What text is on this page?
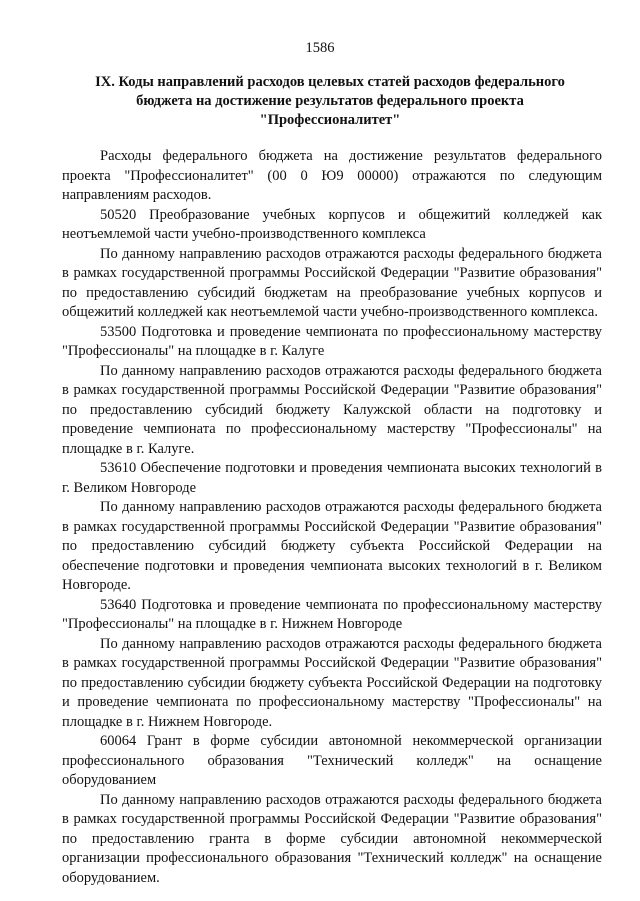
1586
IX. Коды направлений расходов целевых статей расходов федерального
бюджета на достижение результатов федерального проекта
"Профессионалитет"

Расходы федерального бюджета на достижение результатов федерального проекта "Профессионалитет" (00 0 Ю9 00000) отражаются по следующим направлениям расходов.

50520 Преобразование учебных корпусов и общежитий колледжей как неотъемлемой части учебно-производственного комплекса

По данному направлению расходов отражаются расходы федерального бюджета в рамках государственной программы Российской Федерации "Развитие образования" по предоставлению субсидий бюджетам на преобразование учебных корпусов и общежитий колледжей как неотъемлемой части учебно-производственного комплекса.

53500 Подготовка и проведение чемпионата по профессиональному мастерству "Профессионалы" на площадке в г. Калуге

По данному направлению расходов отражаются расходы федерального бюджета в рамках государственной программы Российской Федерации "Развитие образования" по предоставлению субсидий бюджету Калужской области на подготовку и проведение чемпионата по профессиональному мастерству "Профессионалы" на площадке в г. Калуге.

53610 Обеспечение подготовки и проведения чемпионата высоких технологий в г. Великом Новгороде

По данному направлению расходов отражаются расходы федерального бюджета в рамках государственной программы Российской Федерации "Развитие образования" по предоставлению субсидий бюджету субъекта Российской Федерации на обеспечение подготовки и проведения чемпионата высоких технологий в г. Великом Новгороде.

53640 Подготовка и проведение чемпионата по профессиональному мастерству "Профессионалы" на площадке в г. Нижнем Новгороде

По данному направлению расходов отражаются расходы федерального бюджета в рамках государственной программы Российской Федерации "Развитие образования" по предоставлению субсидии бюджету субъекта Российской Федерации на подготовку и проведение чемпионата по профессиональному мастерству "Профессионалы" на площадке в г. Нижнем Новгороде.

60064 Грант в форме субсидии автономной некоммерческой организации профессионального образования "Технический колледж" на оснащение оборудованием

По данному направлению расходов отражаются расходы федерального бюджета в рамках государственной программы Российской Федерации "Развитие образования" по предоставлению гранта в форме субсидии автономной некоммерческой организации профессионального образования "Технический колледж" на оснащение оборудованием.
